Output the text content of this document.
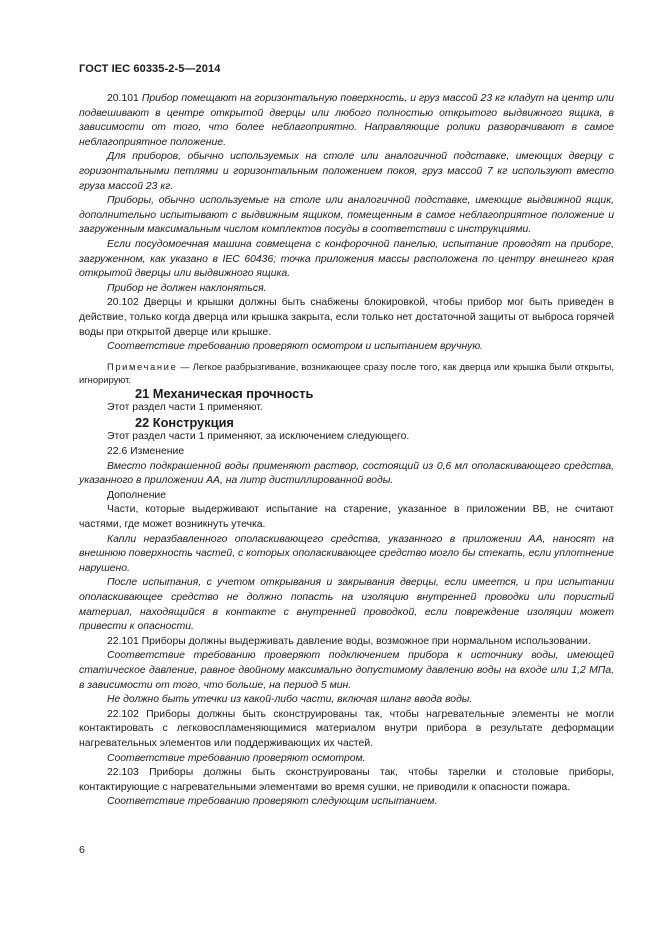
ГОСТ IEC 60335-2-5—2014

20.101 Прибор помещают на горизонтальную поверхность, и груз массой 23 кг кладут на центр или подвешивают в центре открытой дверцы или любого полностью открытого выдвижного ящика, в зависимости от того, что более неблагоприятно. Направляющие ролики разворачивают в самое неблагоприятное положение.

Для приборов, обычно используемых на столе или аналогичной подставке, имеющих дверцу с горизонтальными петлями и горизонтальным положением покоя, груз массой 7 кг используют вместо груза массой 23 кг.

Приборы, обычно используемые на столе или аналогичной подставке, имеющие выдвижной ящик, дополнительно испытывают с выдвижным ящиком, помещенным в самое неблагоприятное положение и загруженным максимальным числом комплектов посуды в соответствии с инструкциями.

Если посудомоечная машина совмещена с конфорочной панелью, испытание проводят на приборе, загруженном, как указано в IEC 60436; точка приложения массы расположена по центру внешнего края открытой дверцы или выдвижного ящика.

Прибор не должен наклоняться.

20.102 Дверцы и крышки должны быть снабжены блокировкой, чтобы прибор мог быть приведен в действие, только когда дверца или крышка закрыта, если только нет достаточной защиты от выброса горячей воды при открытой дверце или крышке.

Соответствие требованию проверяют осмотром и испытанием вручную.

Примечание — Легкое разбрызгивание, возникающее сразу после того, как дверца или крышка были открыты, игнорируют.

21 Механическая прочность

Этот раздел части 1 применяют.

22 Конструкция

Этот раздел части 1 применяют, за исключением следующего.

22.6 Изменение

Вместо подкрашенной воды применяют раствор, состоящий из 0,6 мл ополаскивающего средства, указанного в приложении АА, на литр дистиллированной воды.

Дополнение

Части, которые выдерживают испытание на старение, указанное в приложении ВВ, не считают частями, где может возникнуть утечка.

Капли неразбавленного ополаскивающего средства, указанного в приложении АА, наносят на внешнюю поверхность частей, с которых ополаскивающее средство могло бы стекать, если уплотнение нарушено.

После испытания, с учетом открывания и закрывания дверцы, если имеется, и при испытании ополаскивающее средство не должно попасть на изоляцию внутренней проводки или пористый материал, находящийся в контакте с внутренней проводкой, если повреждение изоляции может привести к опасности.

22.101 Приборы должны выдерживать давление воды, возможное при нормальном использовании.

Соответствие требованию проверяют подключением прибора к источнику воды, имеющей статическое давление, равное двойному максимально допустимому давлению воды на входе или 1,2 МПа, в зависимости от того, что больше, на период 5 мин.

Не должно быть утечки из какой-либо части, включая шланг ввода воды.

22.102 Приборы должны быть сконструированы так, чтобы нагревательные элементы не могли контактировать с легковоспламеняющимися материалом внутри прибора в результате деформации нагревательных элементов или поддерживающих их частей.

Соответствие требованию проверяют осмотром.

22.103 Приборы должны быть сконструированы так, чтобы тарелки и столовые приборы, контактирующие с нагревательными элементами во время сушки, не приводили к опасности пожара.

Соответствие требованию проверяют следующим испытанием.

6
